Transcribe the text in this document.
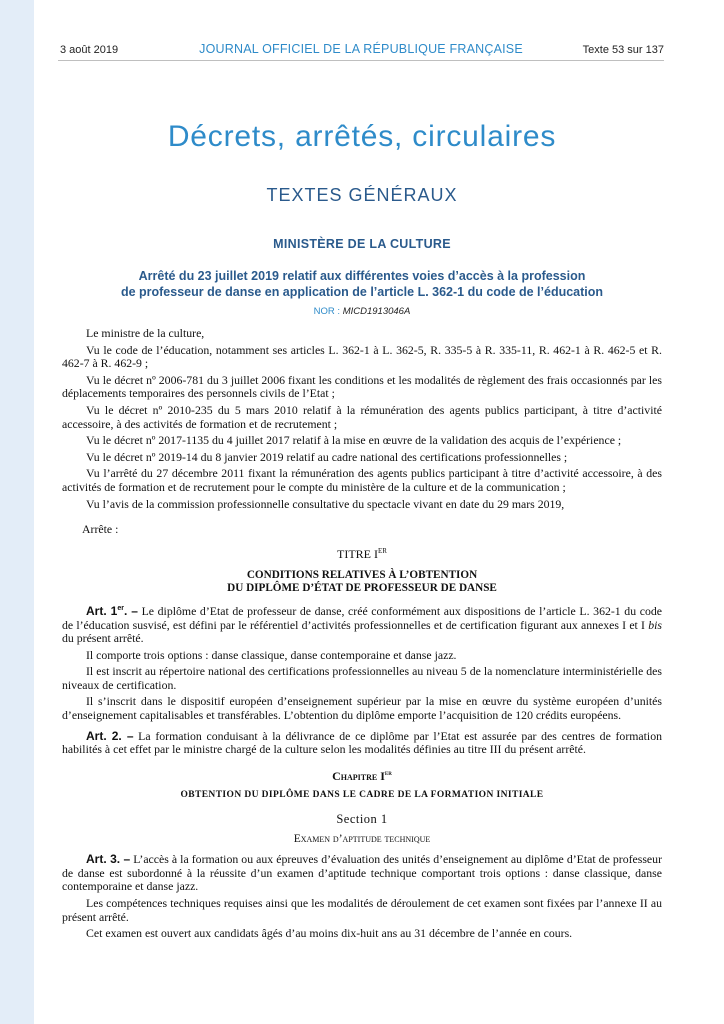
3 août 2019	JOURNAL OFFICIEL DE LA RÉPUBLIQUE FRANÇAISE	Texte 53 sur 137
Décrets, arrêtés, circulaires
TEXTES GÉNÉRAUX
MINISTÈRE DE LA CULTURE
Arrêté du 23 juillet 2019 relatif aux différentes voies d’accès à la profession
de professeur de danse en application de l’article L. 362-1 du code de l’éducation
NOR : MICD1913046A

Le ministre de la culture,

Vu le code de l’éducation, notamment ses articles L. 362-1 à L. 362-5, R. 335-5 à R. 335-11, R. 462-1 à R. 462-5 et R. 462-7 à R. 462-9 ;

Vu le décret nº 2006-781 du 3 juillet 2006 fixant les conditions et les modalités de règlement des frais occasionnés par les déplacements temporaires des personnels civils de l’Etat ;

Vu le décret nº 2010-235 du 5 mars 2010 relatif à la rémunération des agents publics participant, à titre d’activité accessoire, à des activités de formation et de recrutement ;

Vu le décret nº 2017-1135 du 4 juillet 2017 relatif à la mise en œuvre de la validation des acquis de l’expérience ;

Vu le décret nº 2019-14 du 8 janvier 2019 relatif au cadre national des certifications professionnelles ;

Vu l’arrêté du 27 décembre 2011 fixant la rémunération des agents publics participant à titre d’activité accessoire, à des activités de formation et de recrutement pour le compte du ministère de la culture et de la communication ;

Vu l’avis de la commission professionnelle consultative du spectacle vivant en date du 29 mars 2019,

Arrête :

TITRE IER

CONDITIONS RELATIVES À L’OBTENTION
DU DIPLÔME D’ÉTAT DE PROFESSEUR DE DANSE

Art. 1er. – Le diplôme d’Etat de professeur de danse, créé conformément aux dispositions de l’article L. 362-1 du code de l’éducation susvisé, est défini par le référentiel d’activités professionnelles et de certification figurant aux annexes I et I bis du présent arrêté.

Il comporte trois options : danse classique, danse contemporaine et danse jazz.

Il est inscrit au répertoire national des certifications professionnelles au niveau 5 de la nomenclature interministérielle des niveaux de certification.

Il s’inscrit dans le dispositif européen d’enseignement supérieur par la mise en œuvre du système européen d’unités d’enseignement capitalisables et transférables. L’obtention du diplôme emporte l’acquisition de 120 crédits européens.

Art. 2. – La formation conduisant à la délivrance de ce diplôme par l’Etat est assurée par des centres de formation habilités à cet effet par le ministre chargé de la culture selon les modalités définies au titre III du présent arrêté.

Chapitre Ier

OBTENTION DU DIPLÔME DANS LE CADRE DE LA FORMATION INITIALE

Section 1

Examen d’aptitude technique

Art. 3. – L’accès à la formation ou aux épreuves d’évaluation des unités d’enseignement au diplôme d’Etat de professeur de danse est subordonné à la réussite d’un examen d’aptitude technique comportant trois options : danse classique, danse contemporaine et danse jazz.

Les compétences techniques requises ainsi que les modalités de déroulement de cet examen sont fixées par l’annexe II au présent arrêté.

Cet examen est ouvert aux candidats âgés d’au moins dix-huit ans au 31 décembre de l’année en cours.
